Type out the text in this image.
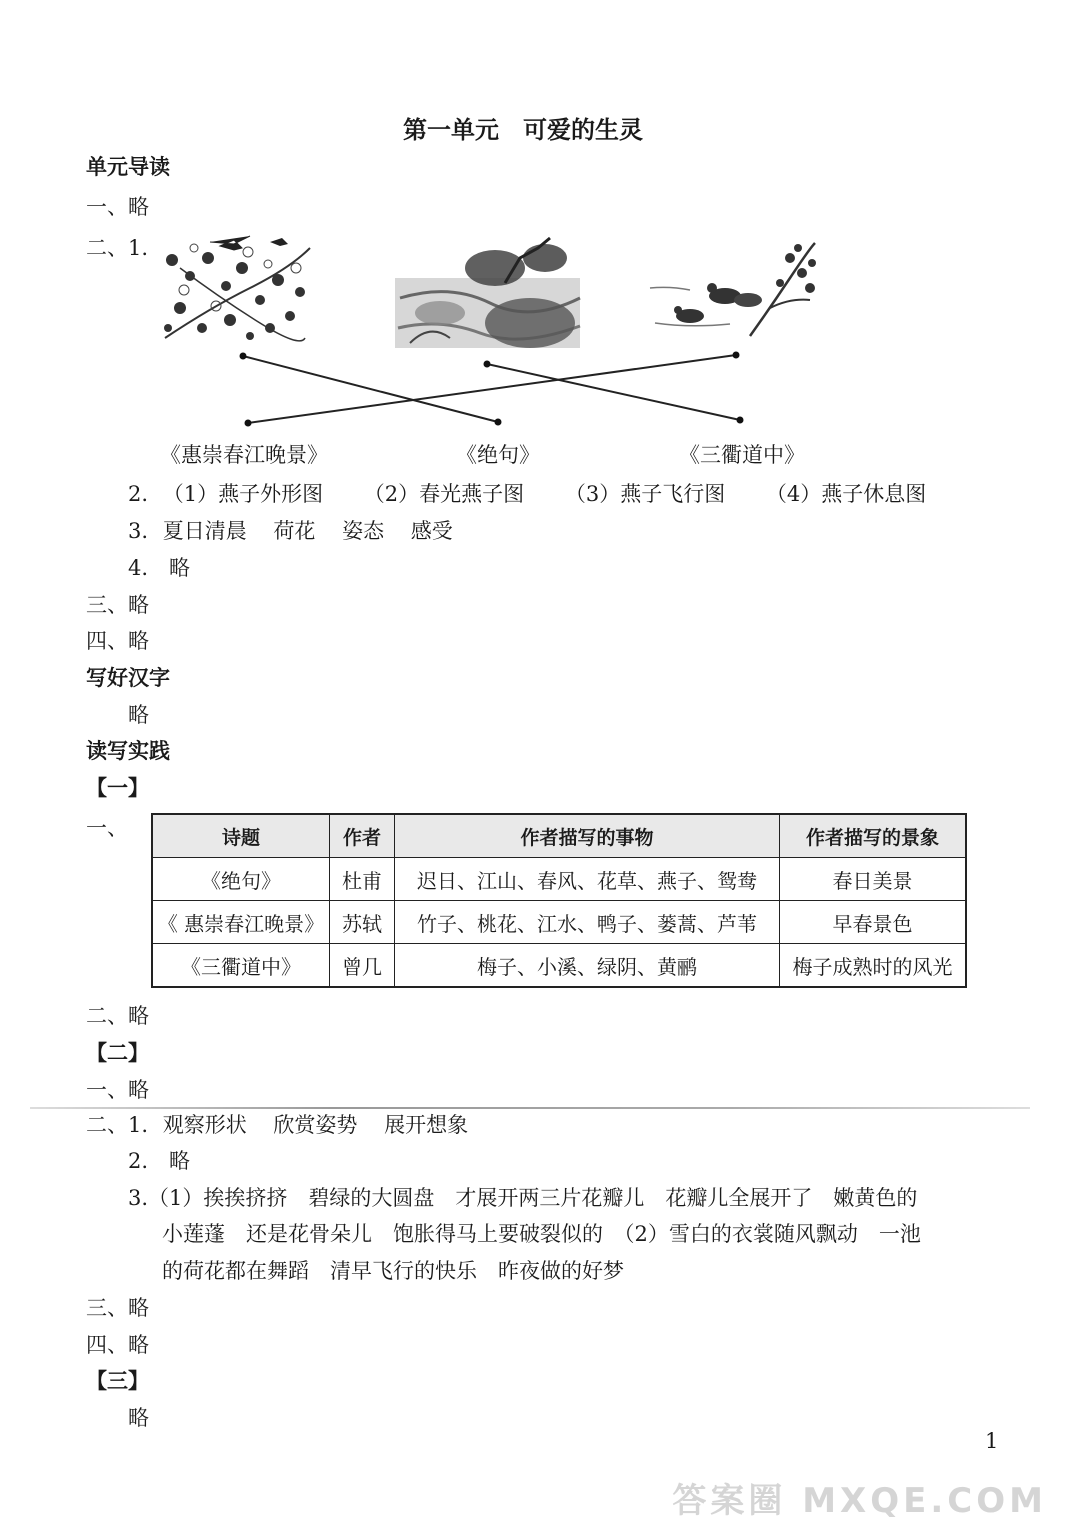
第一单元　可爱的生灵
单元导读
一、略
二、1.
《惠崇春江晚景》	《绝句》	《三衢道中》
2. （1）燕子外形图 （2）春光燕子图 （3）燕子飞行图 （4）燕子休息图
3. 夏日清晨 荷花 姿态 感受
4.　略
三、略
四、略
写好汉字
略
读写实践
【一】
一、	诗题	作者	作者描写的事物	作者描写的景象
《绝句》	杜甫	迟日、江山、春风、花草、燕子、鸳鸯	春日美景
《 惠崇春江晚景》	苏轼	竹子、桃花、江水、鸭子、蒌蒿、芦苇	早春景色
《三衢道中》	曾几	梅子、小溪、绿阴、黄鹂	梅子成熟时的风光
二、略
【二】
一、略
二、1. 观察形状 欣赏姿势 展开想象
2.　略
3.（1）挨挨挤挤　碧绿的大圆盘　才展开两三片花瓣儿　花瓣儿全展开了　嫩黄色的
小莲蓬　还是花骨朵儿　饱胀得马上要破裂似的　（2）雪白的衣裳随风飘动　一池
的荷花都在舞蹈　清早飞行的快乐　昨夜做的好梦
三、略
四、略
【三】
略
1
答案圈 MXQE.COM
